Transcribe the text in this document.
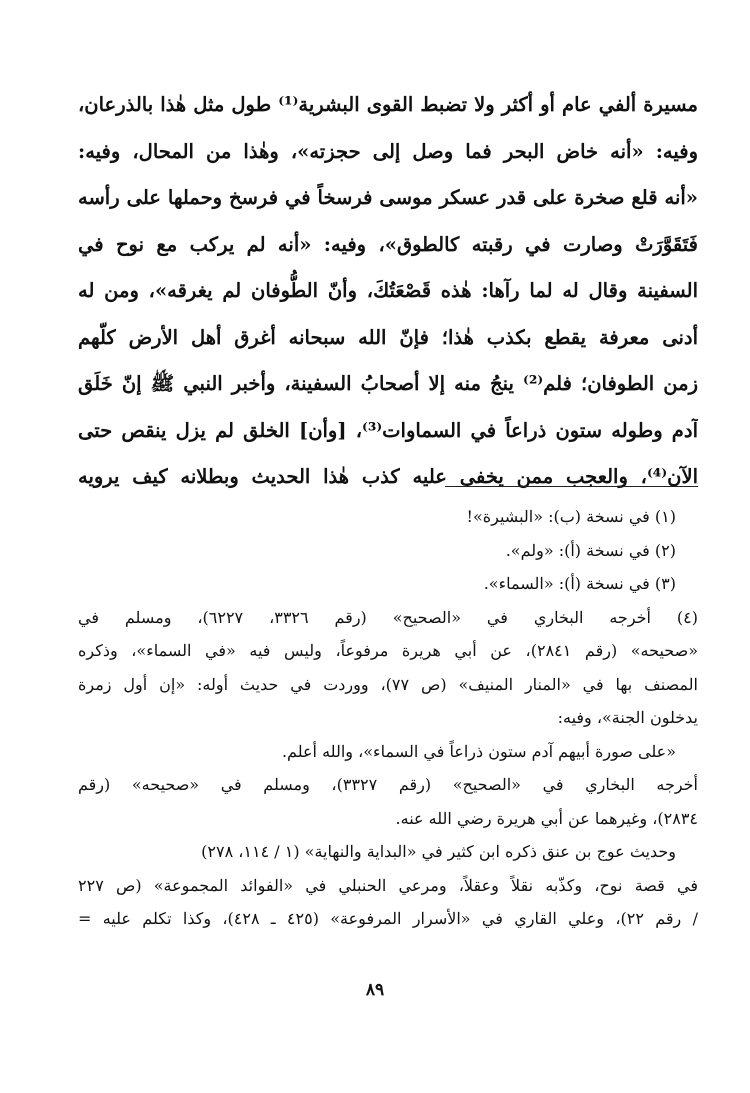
مسيرة ألفي عام أو أكثر ولا تضبط القوى البشرية⁽¹⁾ طول مثل هٰذا بالذرعان،
وفيه: «أنه خاض البحر فما وصل إلى حجزته»، وهٰذا من المحال، وفيه:
«أنه قلع صخرة على قدر عسكر موسى فرسخاً في فرسخ وحملها على رأسه
فَتَقَوَّرَتْ وصارت في رقبته كالطوق»، وفيه: «أنه لم يركب مع نوح في
السفينة وقال له لما رآها: هٰذه قَصْعَتُكَ، وأنّ الطُّوفان لم يغرقه»، ومن له
أدنى معرفة يقطع بكذب هٰذا؛ فإنّ الله سبحانه أغرق أهل الأرض كلّهم
زمن الطوفان؛ فلم⁽²⁾ ينجُ منه إلا أصحابُ السفينة، وأخبر النبي ﷺ إنّ خَلَق
آدم وطوله ستون ذراعاً في السماوات⁽³⁾، [وأن] الخلق لم يزل ينقص حتى
الآن⁽⁴⁾، والعجب ممن يخفى عليه كذب هٰذا الحديث وبطلانه كيف يرويه
(١) في نسخة (ب): «البشيرة»!
(٢) في نسخة (أ): «ولم».
(٣) في نسخة (أ): «السماء».
(٤) أخرجه البخاري في «الصحيح» (رقم ٣٣٢٦، ٦٢٢٧)، ومسلم في
«صحيحه» (رقم ٢٨٤١)، عن أبي هريرة مرفوعاً، وليس فيه «في السماء»، وذكره
المصنف بها في «المنار المنيف» (ص ٧٧)، ووردت في حديث أوله: «إن أول زمرة
يدخلون الجنة»، وفيه:
«على صورة أبيهم آدم ستون ذراعاً في السماء»، والله أعلم.
أخرجه البخاري في «الصحيح» (رقم ٣٣٢٧)، ومسلم في «صحيحه» (رقم
٢٨٣٤)، وغيرهما عن أبي هريرة رضي الله عنه.
وحديث عوج بن عنق ذكره ابن كثير في «البداية والنهاية» (١ / ١١٤، ٢٧٨)
في قصة نوح، وكذّبه نقلاً وعقلاً، ومرعي الحنبلي في «الفوائد المجموعة» (ص ٢٢٧
/ رقم ٢٢)، وعلي القاري في «الأسرار المرفوعة» (٤٢٥ ـ ٤٢٨)، وكذا تكلم عليه =
٨٩
